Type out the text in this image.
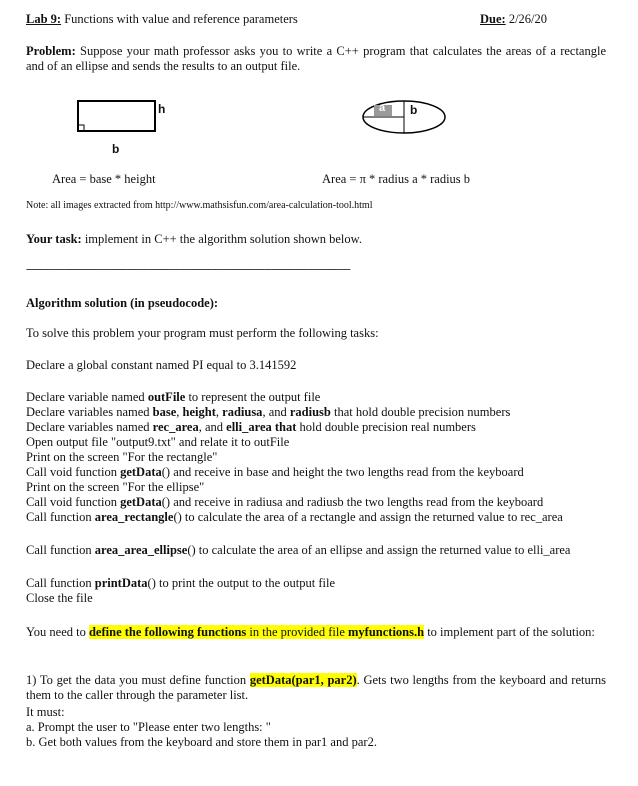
Lab 9: Functions with value and reference parameters	Due: 2/26/20
Problem: Suppose your math professor asks you to write a C++ program that calculates the areas of a rectangle and of an ellipse and sends the results to an output file.
h
b
a b
Area = base * height	Area = π * radius a * radius b
Note: all images extracted from http://www.mathsisfun.com/area-calculation-tool.html
Your task: implement in C++ the algorithm solution shown below.
--------------------------------------------------------------------------------------------------------------------------------
Algorithm solution (in pseudocode):
To solve this problem your program must perform the following tasks:
Declare a global constant named PI equal to 3.141592
Declare variable named outFile to represent the output file
Declare variables named base, height, radiusa, and radiusb that hold double precision numbers
Declare variables named rec_area, and elli_area that hold double precision real numbers
Open output file "output9.txt" and relate it to outFile
Print on the screen "For the rectangle"
Call void function getData() and receive in base and height the two lengths read from the keyboard
Print on the screen "For the ellipse"
Call void function getData() and receive in radiusa and radiusb the two lengths read from the keyboard
Call function area_rectangle() to calculate the area of a rectangle and assign the returned value to rec_area
Call function area_area_ellipse() to calculate the area of an ellipse and assign the returned value to elli_area
Call function printData() to print the output to the output file
Close the file
You need to define the following functions in the provided file myfunctions.h to implement part of the solution:
1) To get the data you must define function getData(par1, par2). Gets two lengths from the keyboard and returns them to the caller through the parameter list.
It must:
a. Prompt the user to "Please enter two lengths: "
b. Get both values from the keyboard and store them in par1 and par2.
